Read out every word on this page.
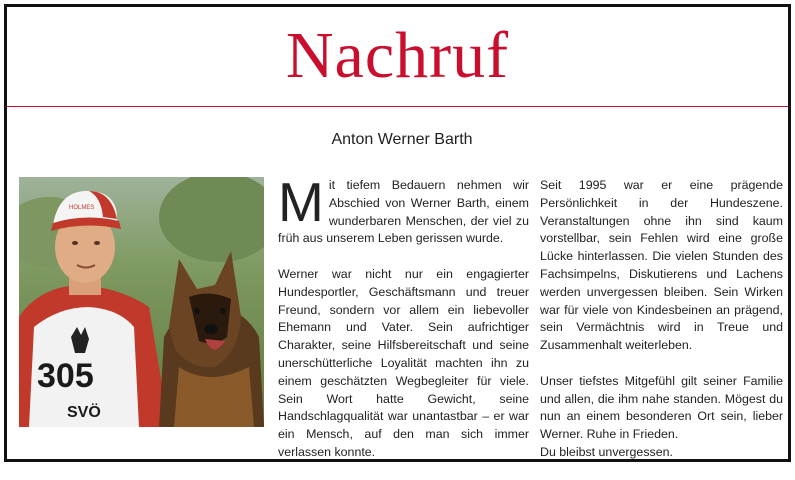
Nachruf
Anton Werner Barth
HOLMES
305
SVÖ

Mit tiefem Bedauern nehmen wir Abschied von Werner Barth, einem wunderbaren Menschen, der viel zu früh aus unserem Leben gerissen wurde.

Werner war nicht nur ein engagierter Hundesportler, Geschäftsmann und treuer Freund, sondern vor allem ein liebevoller Ehemann und Vater. Sein aufrichtiger Charakter, seine Hilfsbereitschaft und seine unerschütterliche Loyalität machten ihn zu einem geschätzten Wegbegleiter für viele. Sein Wort hatte Gewicht, seine Handschlagqualität war unantastbar – er war ein Mensch, auf den man sich immer verlassen konnte.

Seit 1995 war er eine prägende Persönlichkeit in der Hundeszene. Veranstaltungen ohne ihn sind kaum vorstellbar, sein Fehlen wird eine große Lücke hinterlassen. Die vielen Stunden des Fachsimpelns, Diskutierens und Lachens werden unvergessen bleiben. Sein Wirken war für viele von Kindesbeinen an prägend, sein Vermächtnis wird in Treue und Zusammenhalt weiterleben.

Unser tiefstes Mitgefühl gilt seiner Familie und allen, die ihm nahe standen. Mögest du nun an einem besonderen Ort sein, lieber Werner. Ruhe in Frieden.
Du bleibst unvergessen.
